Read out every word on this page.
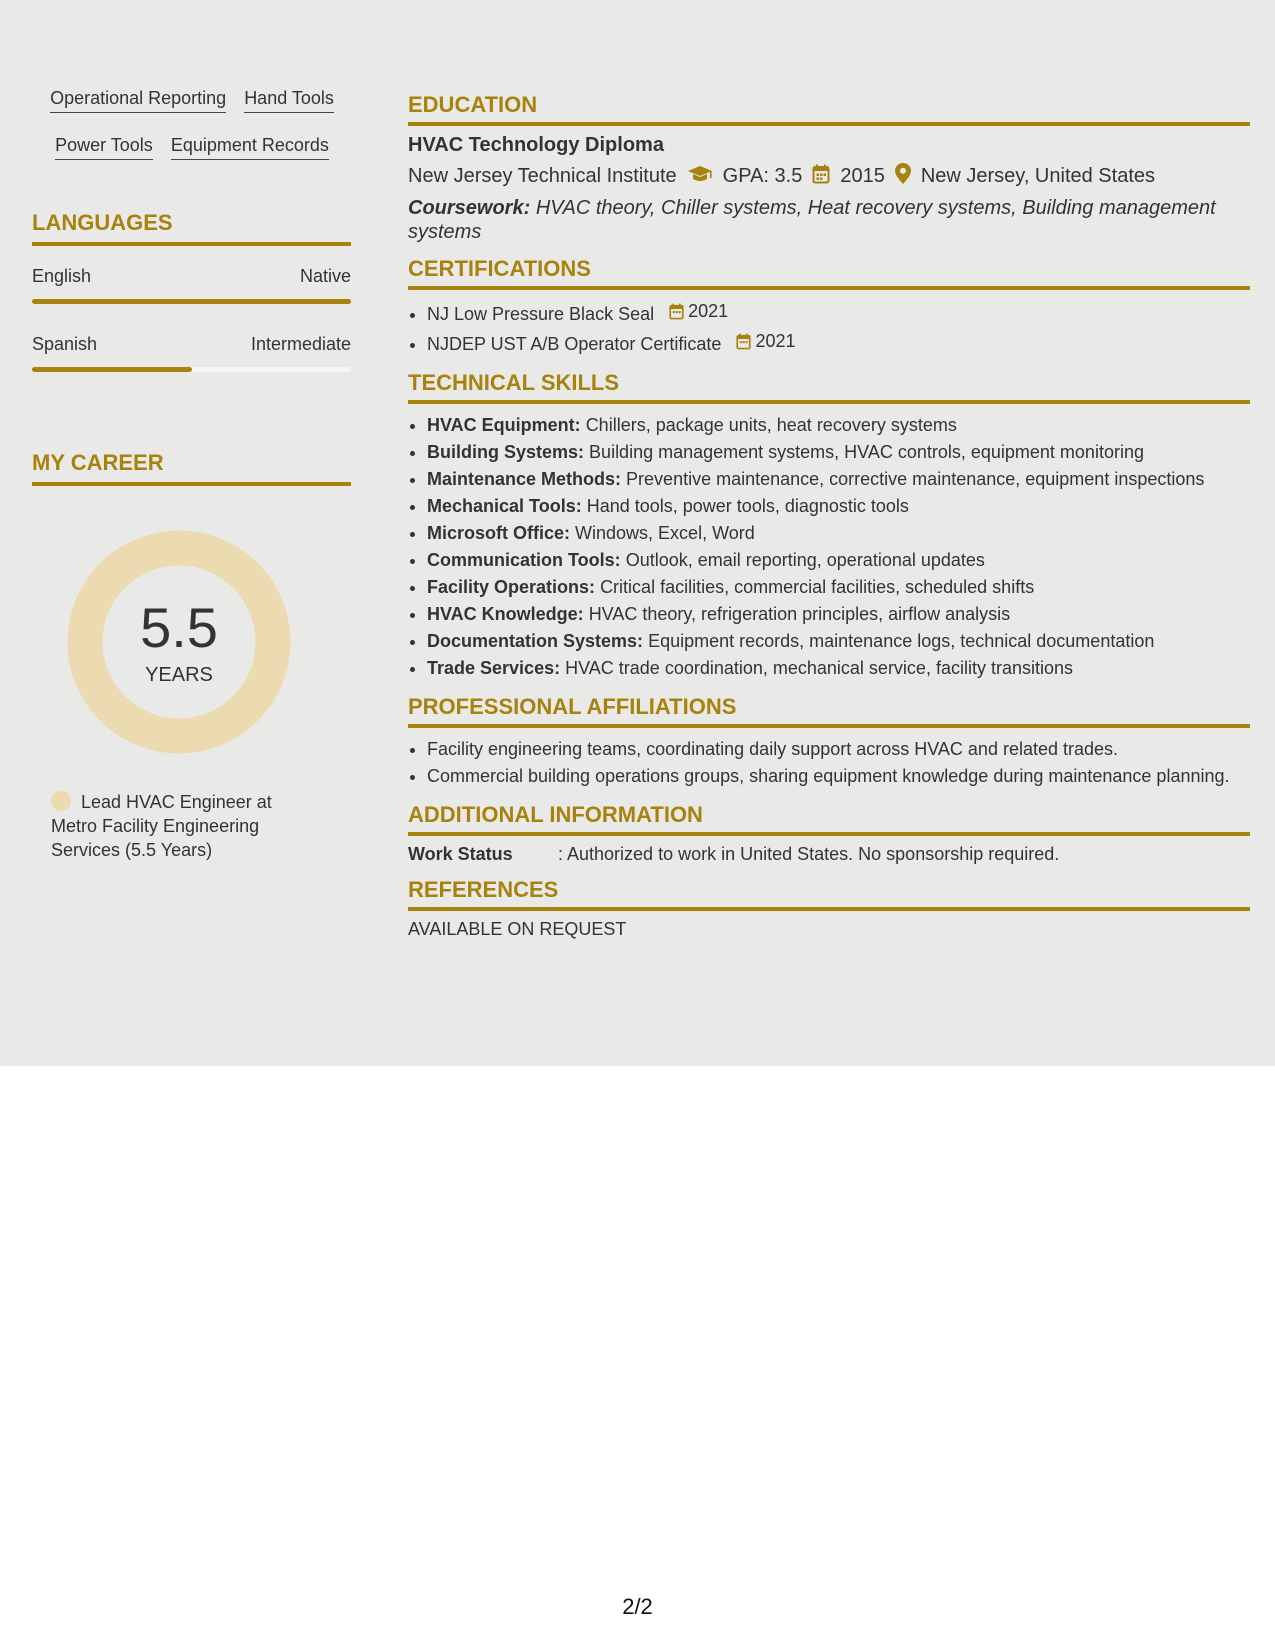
Operational Reporting Hand Tools
Power Tools Equipment Records
LANGUAGES
English	Native
Spanish	Intermediate
MY CAREER
5.5
YEARS
Lead HVAC Engineer at Metro Facility Engineering Services (5.5 Years)
EDUCATION
HVAC Technology Diploma
New Jersey Technical Institute GPA: 3.5 2015 New Jersey, United States
Coursework: HVAC theory, Chiller systems, Heat recovery systems, Building management systems
CERTIFICATIONS
• NJ Low Pressure Black Seal 2021
• NJDEP UST A/B Operator Certificate 2021
TECHNICAL SKILLS
• HVAC Equipment: Chillers, package units, heat recovery systems
• Building Systems: Building management systems, HVAC controls, equipment monitoring
• Maintenance Methods: Preventive maintenance, corrective maintenance, equipment inspections
• Mechanical Tools: Hand tools, power tools, diagnostic tools
• Microsoft Office: Windows, Excel, Word
• Communication Tools: Outlook, email reporting, operational updates
• Facility Operations: Critical facilities, commercial facilities, scheduled shifts
• HVAC Knowledge: HVAC theory, refrigeration principles, airflow analysis
• Documentation Systems: Equipment records, maintenance logs, technical documentation
• Trade Services: HVAC trade coordination, mechanical service, facility transitions
PROFESSIONAL AFFILIATIONS
• Facility engineering teams, coordinating daily support across HVAC and related trades.
• Commercial building operations groups, sharing equipment knowledge during maintenance planning.
ADDITIONAL INFORMATION
Work Status	: Authorized to work in United States. No sponsorship required.
REFERENCES
AVAILABLE ON REQUEST
2/2
